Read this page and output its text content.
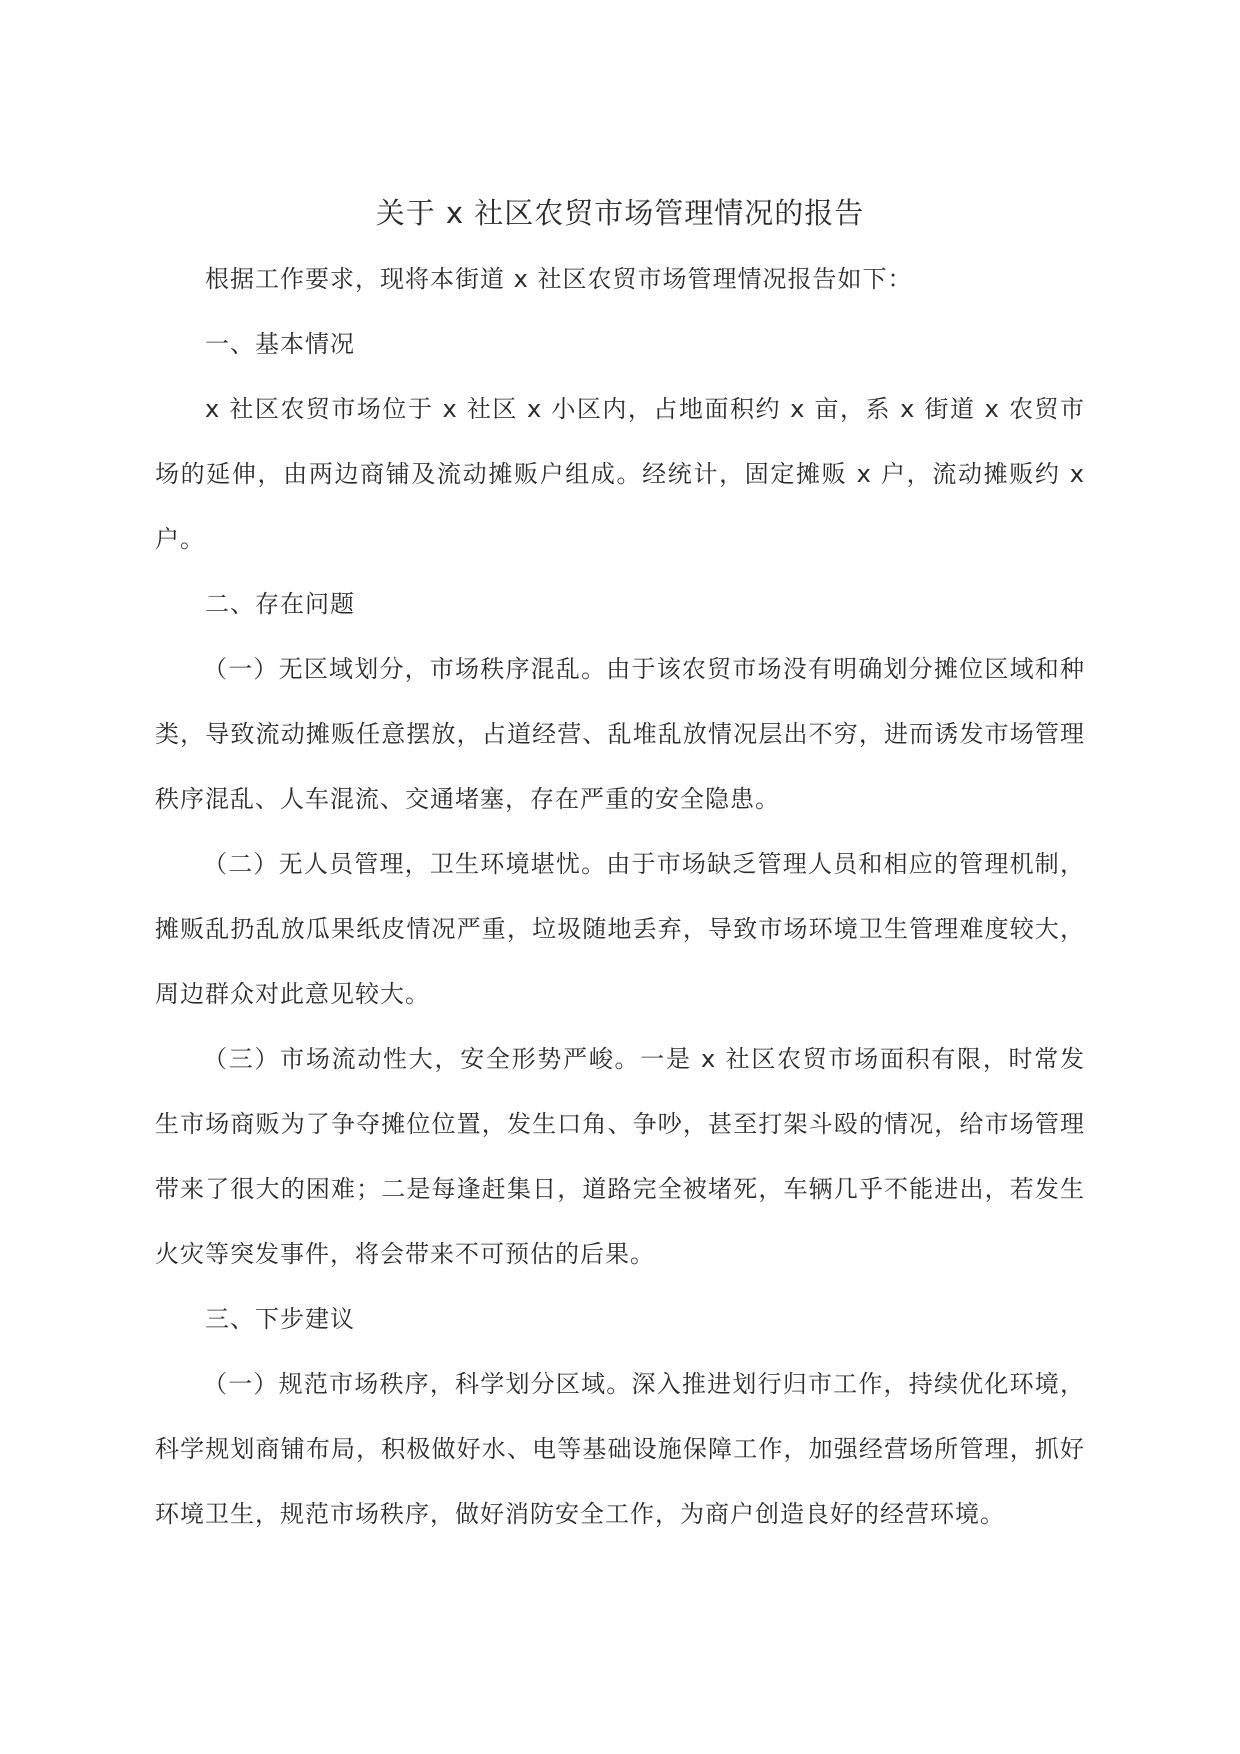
关于 x 社区农贸市场管理情况的报告

根据工作要求，现将本街道 x 社区农贸市场管理情况报告如下：

一、基本情况

x 社区农贸市场位于 x 社区 x 小区内，占地面积约 x 亩，系 x 街道 x 农贸市场的延伸，由两边商铺及流动摊贩户组成。经统计，固定摊贩 x 户，流动摊贩约 x 户。

二、存在问题

（一）无区域划分，市场秩序混乱。由于该农贸市场没有明确划分摊位区域和种类，导致流动摊贩任意摆放，占道经营、乱堆乱放情况层出不穷，进而诱发市场管理秩序混乱、人车混流、交通堵塞，存在严重的安全隐患。

（二）无人员管理，卫生环境堪忧。由于市场缺乏管理人员和相应的管理机制，摊贩乱扔乱放瓜果纸皮情况严重，垃圾随地丢弃，导致市场环境卫生管理难度较大，周边群众对此意见较大。

（三）市场流动性大，安全形势严峻。一是 x 社区农贸市场面积有限，时常发生市场商贩为了争夺摊位位置，发生口角、争吵，甚至打架斗殴的情况，给市场管理带来了很大的困难；二是每逢赶集日，道路完全被堵死，车辆几乎不能进出，若发生火灾等突发事件，将会带来不可预估的后果。

三、下步建议

（一）规范市场秩序，科学划分区域。深入推进划行归市工作，持续优化环境，科学规划商铺布局，积极做好水、电等基础设施保障工作，加强经营场所管理，抓好环境卫生，规范市场秩序，做好消防安全工作，为商户创造良好的经营环境。
